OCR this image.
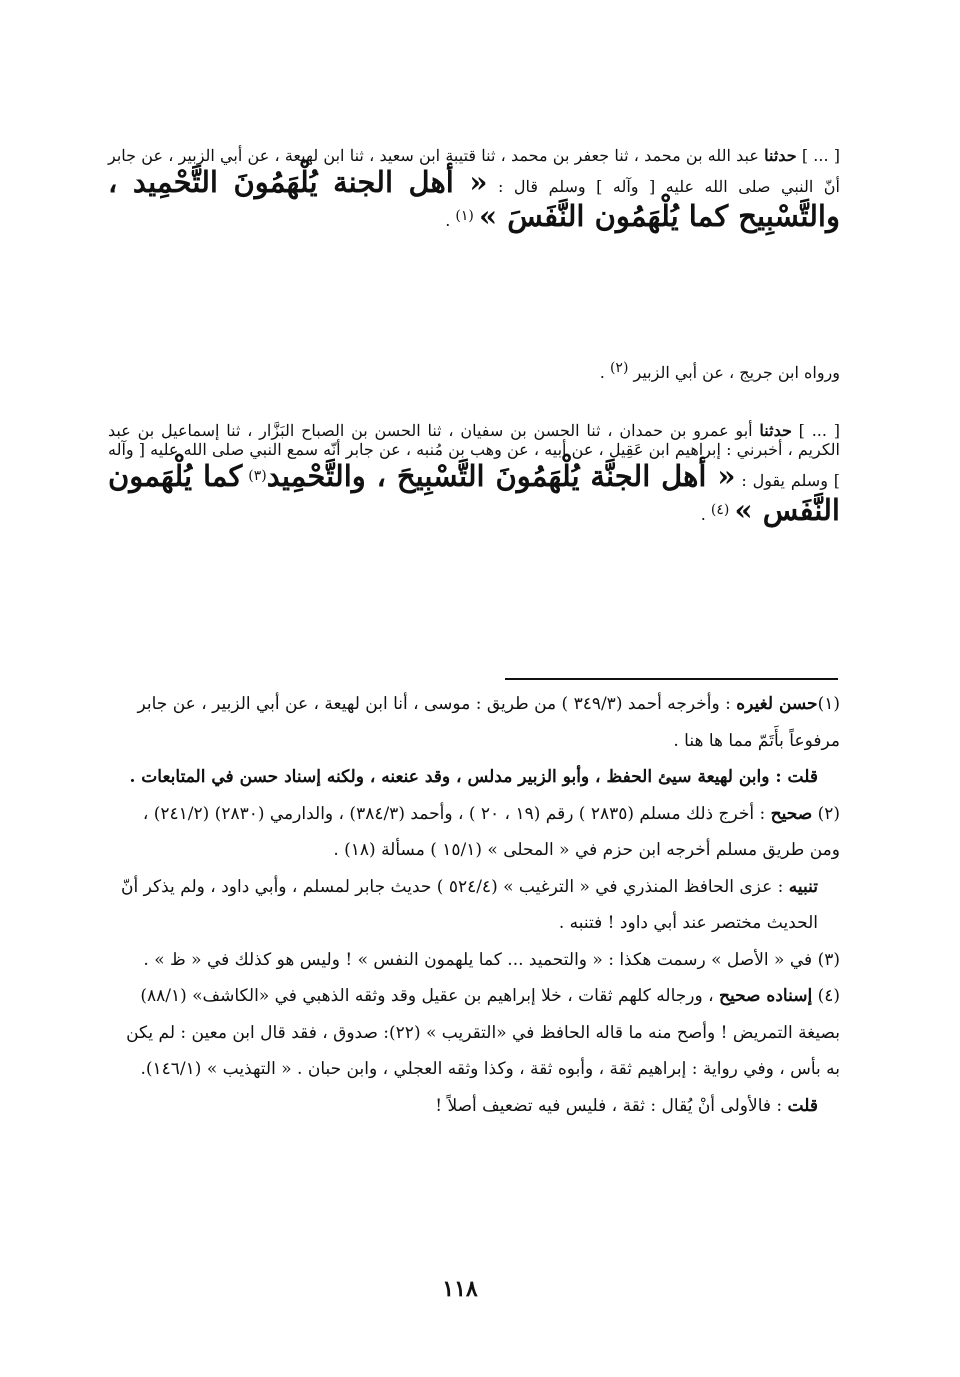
[ ... ] حدثنا عبد الله بن محمد ، ثنا جعفر بن محمد ، ثنا قتيبة ابن سعيد ، ثنا ابن لهيعة ، عن أبي الزبير ، عن جابر أنّ النبي صلى الله عليه [ وآله ] وسلم قال : « أهل الجنة يُلْهَمُونَ التَّحْمِيد ، والتَّسْبِيح كما يُلْهَمُون النَّفَسَ » $^{(١)}$ .

ورواه ابن جريج ، عن أبي الزبير $^{(٢)}$ .

[ ... ] حدثنا أبو عمرو بن حمدان ، ثنا الحسن بن سفيان ، ثنا الحسن بن الصباح البَزَّار ، ثنا إسماعيل بن عبد الكريم ، أخبرني : إبراهيم ابن عَقِيل ، عن أبيه ، عن وهب بن مُنبه ، عن جابر أنّه سمع النبي صلى الله عليه [ وآله ] وسلم يقول : « أهل الجنَّة يُلْهَمُونَ التَّسْبِيحَ ، والتَّحْمِيد$^{(٣)}$ كما يُلْهَمون النَّفَس » $^{(٤)}$ .

(١)حسن لغيره : وأخرجه أحمد (٣٤٩/٣ ) من طريق : موسى ، أنا ابن لهيعة ، عن أبي الزبير ، عن جابر مرفوعاً بأَتَمّ مما ها هنا .

قلت : وابن لهيعة سيئ الحفظ ، وأبو الزبير مدلس ، وقد عنعنه ، ولكنه إسناد حسن في المتابعات .

(٢) صحيح : أخرج ذلك مسلم (٢٨٣٥ ) رقم (١٩ ، ٢٠ ) ، وأحمد (٣٨٤/٣) ، والدارمي (٢٨٣٠) (٢٤١/٢) ، ومن طريق مسلم أخرجه ابن حزم في « المحلى » (١٥/١ ) مسألة (١٨) .

تنبيه : عزى الحافظ المنذري في « الترغيب » (٥٢٤/٤ ) حديث جابر لمسلم ، وأبي داود ، ولم يذكر أنّ الحديث مختصر عند أبي داود ! فتنبه .

(٣) في « الأصل » رسمت هكذا : « والتحميد ... كما يلهمون النفس » ! وليس هو كذلك في « ظ » .

(٤) إسناده صحيح ، ورجاله كلهم ثقات ، خلا إبراهيم بن عقيل وقد وثقه الذهبي في «الكاشف» (٨٨/١) بصيغة التمريض ! وأصح منه ما قاله الحافظ في «التقريب » (٢٢): صدوق ، فقد قال ابن معين : لم يكن به بأس ، وفي رواية : إبراهيم ثقة ، وأبوه ثقة ، وكذا وثقه العجلي ، وابن حبان . « التهذيب » (١٤٦/١).

قلت : فالأولى أنْ يُقال : ثقة ، فليس فيه تضعيف أصلاً !

١١٨
